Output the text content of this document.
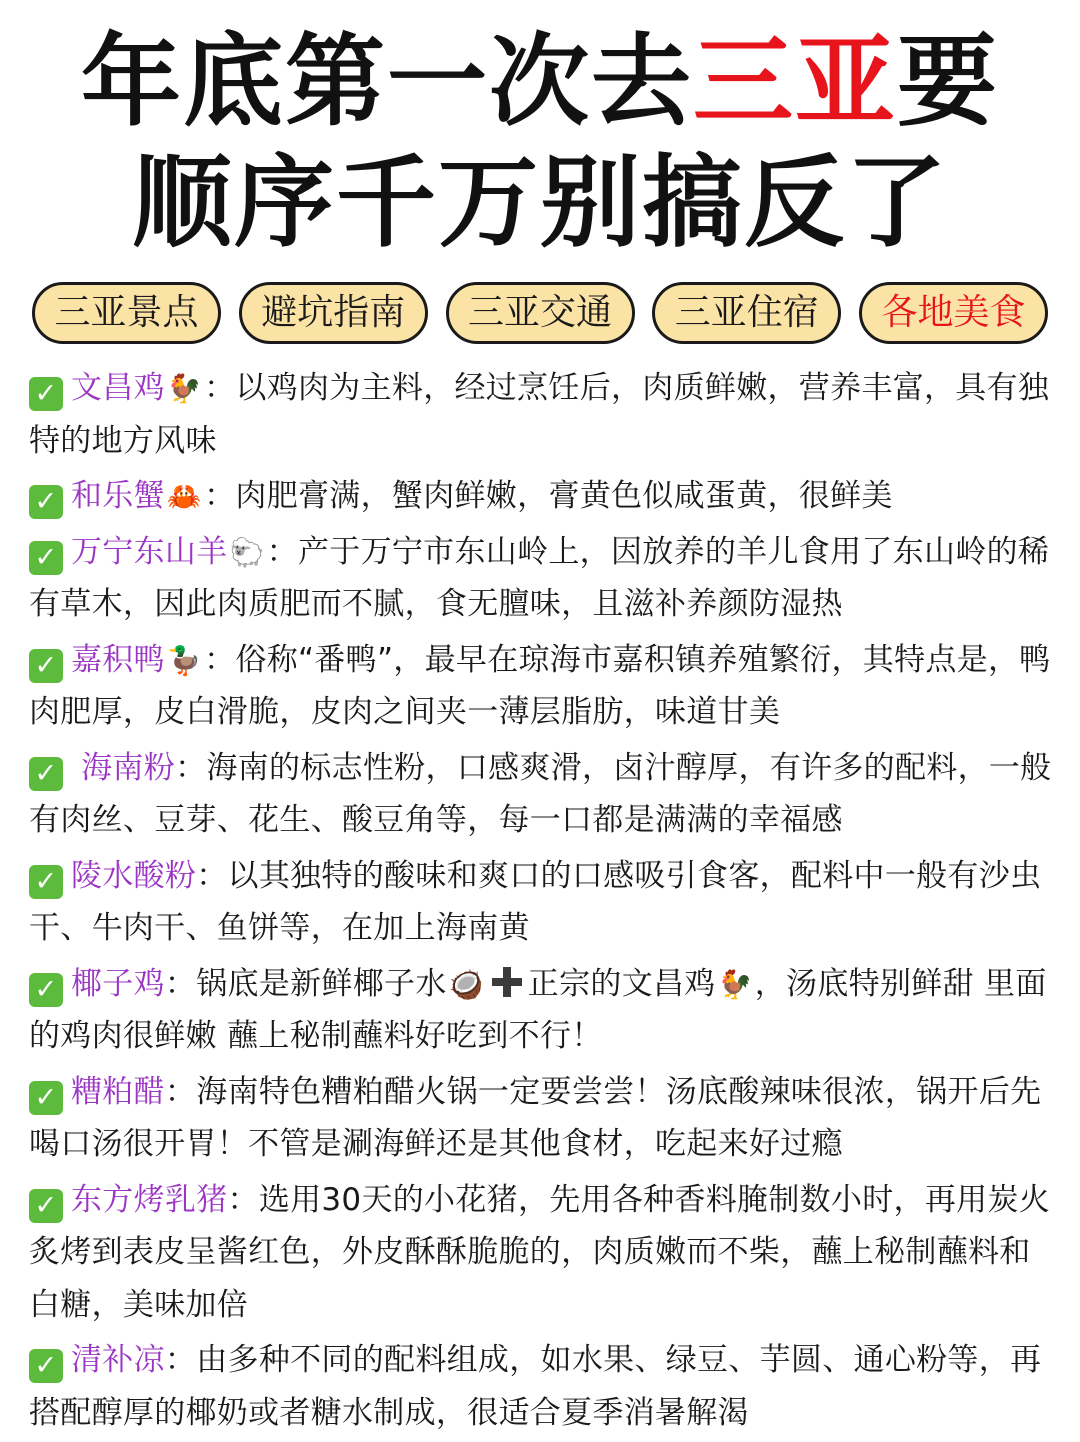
年底第一次去三亚要
顺序千万别搞反了
三亚景点	避坑指南	三亚交通	三亚住宿	各地美食
✓ 文昌鸡🐓：以鸡肉为主料，经过烹饪后，肉质鲜嫩，营养丰富，具有独特的地方风味
✓ 和乐蟹🦀：肉肥膏满，蟹肉鲜嫩，膏黄色似咸蛋黄，很鲜美
✓ 万宁东山羊🐑：产于万宁市东山岭上，因放养的羊儿食用了东山岭的稀有草木，因此肉质肥而不腻，食无膻味，且滋补养颜防湿热
✓ 嘉积鸭🦆：俗称“番鸭”，最早在琼海市嘉积镇养殖繁衍，其特点是，鸭肉肥厚，皮白滑脆，皮肉之间夹一薄层脂肪，味道甘美
✓ 海南粉：海南的标志性粉，口感爽滑，卤汁醇厚，有许多的配料，一般有肉丝、豆芽、花生、酸豆角等，每一口都是满满的幸福感
✓ 陵水酸粉：以其独特的酸味和爽口的口感吸引食客，配料中一般有沙虫干、牛肉干、鱼饼等，在加上海南黄
✓ 椰子鸡：锅底是新鲜椰子水🥥 正宗的文昌鸡🐓，汤底特别鲜甜 里面的鸡肉很鲜嫩 蘸上秘制蘸料好吃到不行！
✓ 糟粕醋：海南特色糟粕醋火锅一定要尝尝！汤底酸辣味很浓，锅开后先喝口汤很开胃！不管是涮海鲜还是其他食材，吃起来好过瘾
✓ 东方烤乳猪：选用30天的小花猪，先用各种香料腌制数小时，再用炭火炙烤到表皮呈酱红色，外皮酥酥脆脆的，肉质嫩而不柴，蘸上秘制蘸料和白糖，美味加倍
✓ 清补凉：由多种不同的配料组成，如水果、绿豆、芋圆、通心粉等，再搭配醇厚的椰奶或者糖水制成，很适合夏季消暑解渴
